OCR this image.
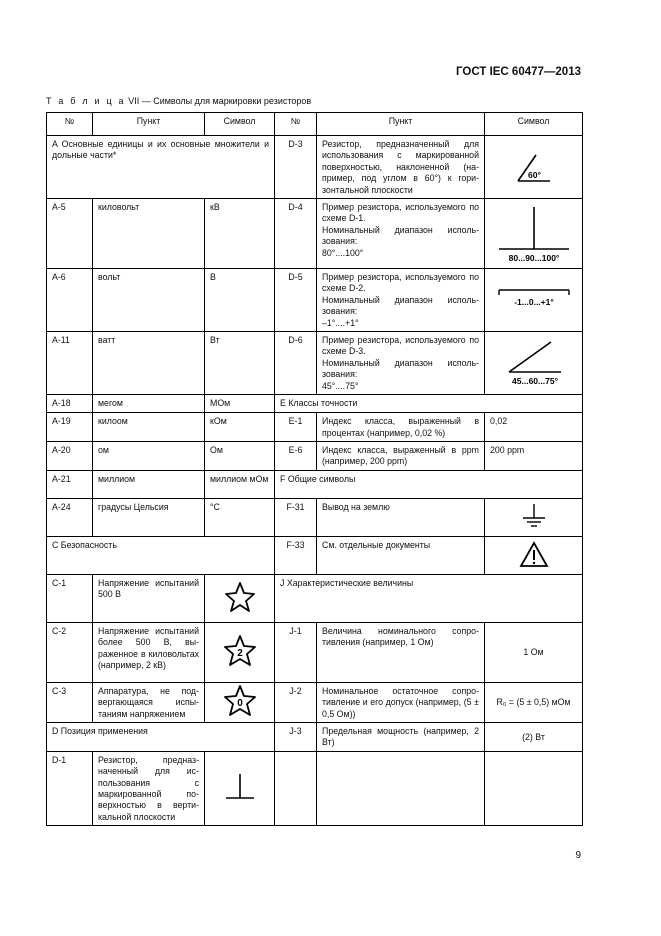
ГОСТ IEC 60477—2013
Т а б л и ц а VII — Символы для маркировки резисторов
№	Пункт	Символ	№	Пункт	Символ
A Основные единицы и их основные множители и дольные части*			D-3	Резистор, предназначенный для использования с маркированной поверхностью, наклоненной (например, под углом в 60°) к горизонтальной плоскости	60°

A-5	киловольт	кВ	D-4	Пример резистора, используемого по схеме D-1.
Номинальный диапазон использования:
80°....100°	80...90...100°

A-6	вольт	В	D-5	Пример резистора, используемого по схеме D-2.
Номинальный диапазон использования:
–1°....+1°	-1...0...+1°

A-11	ватт	Вт	D-6	Пример резистора, используемого по схеме D-3.
Номинальный диапазон использования:
45°....75°	45...60...75°

A-18	мегом	МОм	E Классы точности		
A-19	килоом	кОм	E-1	Индекс класса, выраженный в процентах (например, 0,02 %)	0,02
A-20	ом	Ом	E-6	Индекс класса, выраженный в ppm (например, 200 ppm)	200 ppm
A-21	миллиом	миллиом мОм	F Общие символы		
A-24	градусы Цельсия	°C	F-31	Вывод на землю	

C Безопасность			F-33	См. отдельные документы	

C-1	Напряжение испытаний 500 В		J Характеристические величины		
C-2	Напряжение испытаний более 500 В, выраженное в киловольтах (например, 2 кВ)	2	J-1	Величина номинального сопротивления (например, 1 Ом)	1 Ом
C-3	Аппаратура, не подвергающаяся испытаниям напряжением	0	J-2	Номинальное остаточное сопротивление и его допуск (например, (5 ± 0,5 Ом))	R₀ = (5 ± 0,5) мОм
D Позиция применения			J-3	Предельная мощность (например, 2 Вт)	(2) Вт
D-1	Резистор, предназначенный для использования с маркированной поверхностью в вертикальной плоскости	

9
